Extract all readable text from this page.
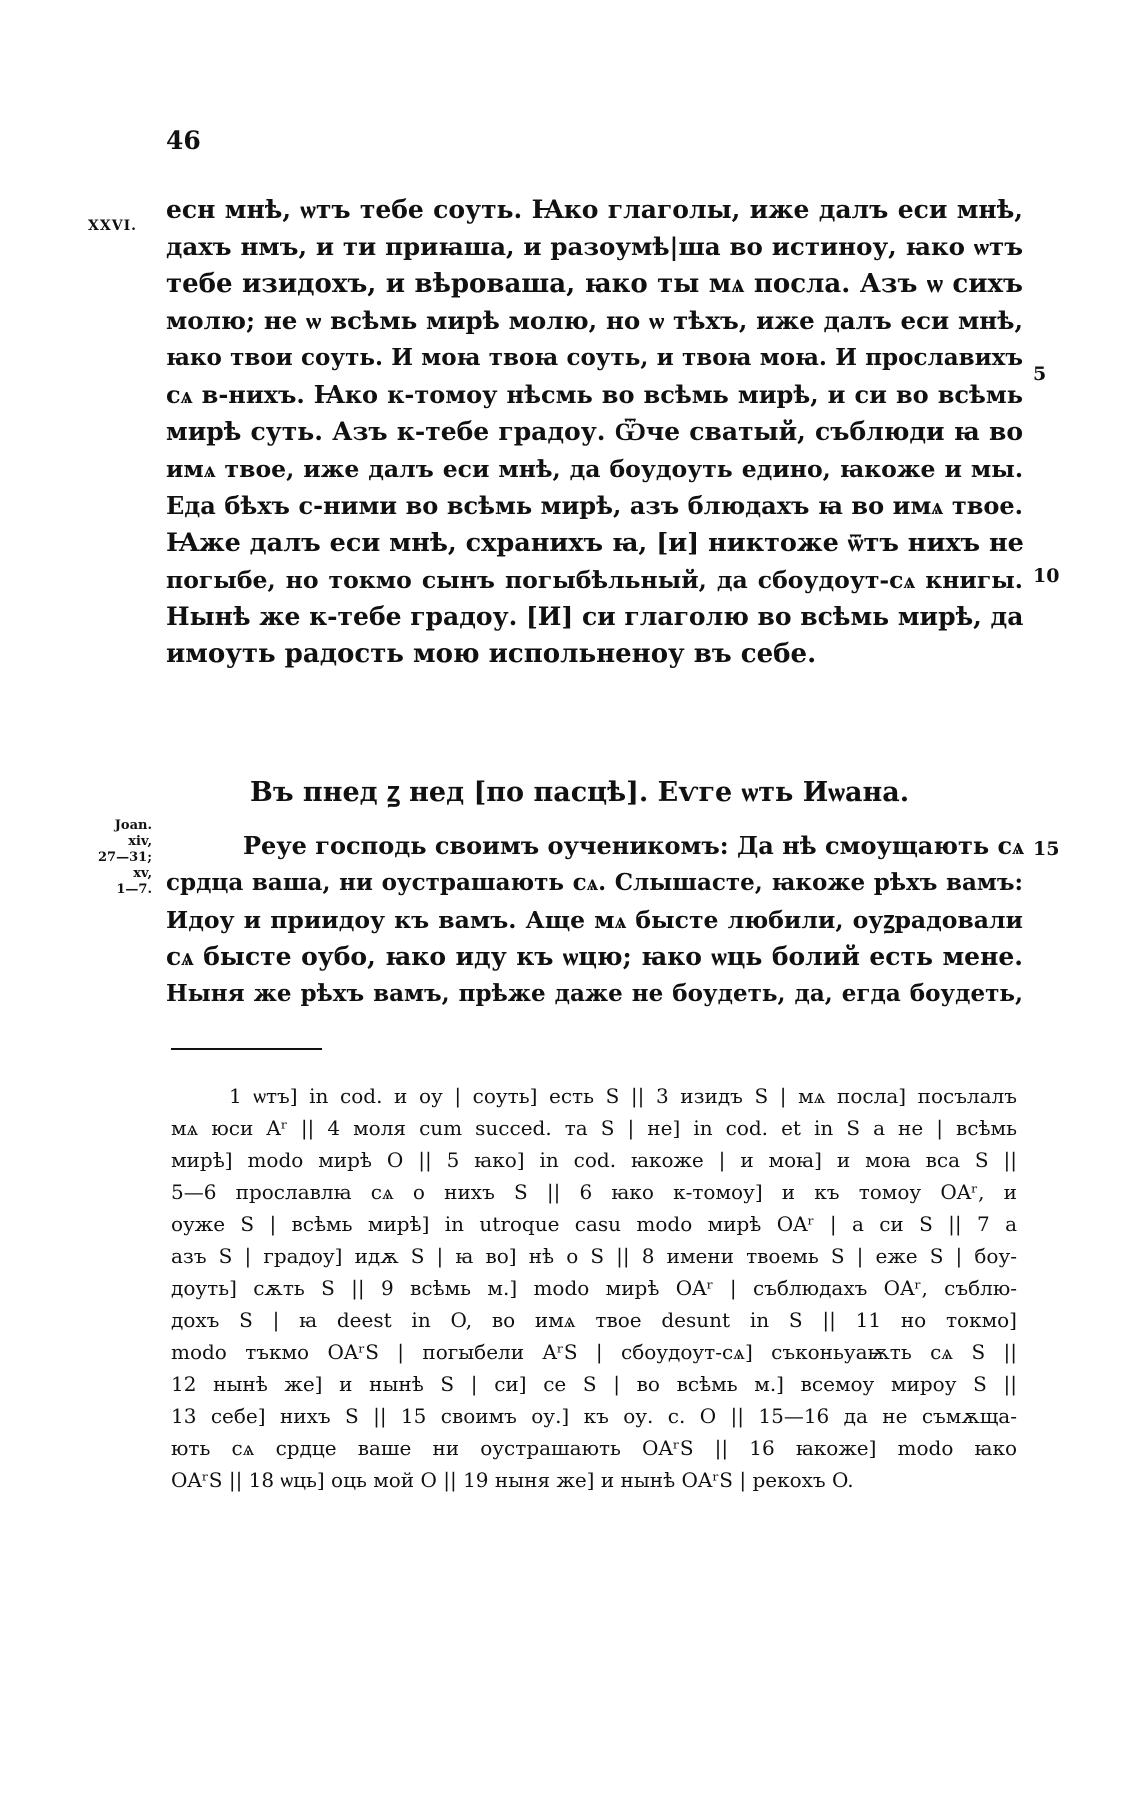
46
XXVI.
есн мнѣ, ѡтъ тебе соуть. Ꙗко глаголы, иже далъ еси мнѣ,
дахъ нмъ, и ти приꙗша, и разоумѣ|ша во истиноу, ꙗко ѡтъ
тебе изидохъ, и вѣроваша, ꙗко ты мѧ посла. Азъ ѡ сихъ
молю; не ѡ всѣмь мирѣ молю, но ѡ тѣхъ, иже далъ еси мнѣ,
ꙗко твои соуть. И моꙗ твоꙗ соуть, и твоꙗ моꙗ. И прославихъ
сѧ в-нихъ. Ꙗко к-томоу нѣсмь во всѣмь мирѣ, и си во всѣмь
мирѣ суть. Азъ к-тебе градоу. Ѿче сватый, съблюди ꙗ во
имѧ твое, иже далъ еси мнѣ, да боудоуть едино, ꙗкоже и мы.
Еда бѣхъ с-ними во всѣмь мирѣ, азъ блюдахъ ꙗ во имѧ твое.
Ꙗже далъ еси мнѣ, схранихъ ꙗ, [и] никтоже ѿтъ нихъ не
погыбе, но токмо сынъ погыбѣльный, да сбоудоут-сѧ книгы.
Нынѣ же к-тебе градоу. [И] си глаголю во всѣмь мирѣ, да
имоуть радость мою испольненоу въ себе.
5
10
Въ пнед ꙁ нед [по пасцѣ]. Еѵге ѡть Иѡана.
Joan.
xiv,
27—31;
xv,
1—7.
Реуе господь своимъ оученикомъ: Да нѣ смоущають сѧ
срдца ваша, ни оустрашають сѧ. Слышасте, ꙗкоже рѣхъ вамъ:
Идоу и приидоу къ вамъ. Аще мѧ бысте любили, оуꙁрадовали
сѧ бысте оубо, ꙗко иду къ ѡцю; ꙗко ѡць болий есть мене.
Ныня же рѣхъ вамъ, прѣже даже не боудеть, да, егда боудеть,
15
1 ѡтъ] in cod. и оу | соуть] есть S || 3 изидъ S | мѧ посла] посълалъ
мѧ юси Aʳ || 4 моля cum succed. та S | не] in cod. et in S а не | всѣмь
мирѣ] modo мирѣ O || 5 ꙗко] in cod. ꙗкоже | и моꙗ] и моꙗ вса S ||
5—6 прославлꙗ сѧ о нихъ S || 6 ꙗко к-томоу] и къ томоу OAʳ, и
оуже S | всѣмь мирѣ] in utroque casu modo мирѣ OAʳ | а си S || 7 а
азъ S | градоу] идѫ S | ꙗ во] нѣ о S || 8 имени твоемь S | еже S | боу-
доуть] сѫть S || 9 всѣмь м.] modo мирѣ OAʳ | съблюдахъ OAʳ, съблю-
дохъ S | ꙗ deest in O, во имѧ твое desunt in S || 11 но токмо]
modo тъкмо OAʳS | погыбели AʳS | сбоудоут-сѧ] съконьуаѭть сѧ S ||
12 нынѣ же] и нынѣ S | си] се S | во всѣмь м.] всемоу мироу S ||
13 себе] нихъ S || 15 своимъ оу.] къ оу. с. O || 15—16 да не съмѫща-
ють сѧ срдце ваше ни оустрашають OAʳS || 16 ꙗкоже] modo ꙗко
OAʳS || 18 ѡць] оць мой O || 19 ныня же] и нынѣ OAʳS | рекохъ O.
